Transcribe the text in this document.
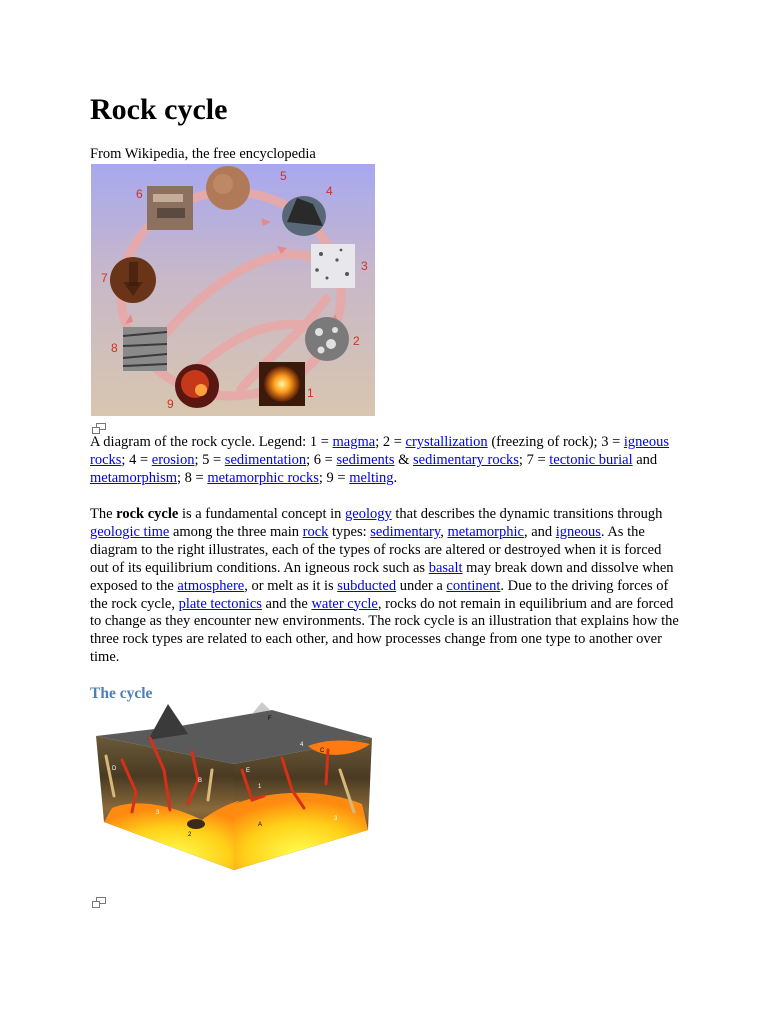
Rock cycle
From Wikipedia, the free encyclopedia
5
4
6
3
7
2
8
1
9
A diagram of the rock cycle. Legend: 1 = magma; 2 = crystallization (freezing of rock); 3 = igneous rocks; 4 = erosion; 5 = sedimentation; 6 = sediments & sedimentary rocks; 7 = tectonic burial and metamorphism; 8 = metamorphic rocks; 9 = melting.
The rock cycle is a fundamental concept in geology that describes the dynamic transitions through geologic time among the three main rock types: sedimentary, metamorphic, and igneous. As the diagram to the right illustrates, each of the types of rocks are altered or destroyed when it is forced out of its equilibrium conditions. An igneous rock such as basalt may break down and dissolve when exposed to the atmosphere, or melt as it is subducted under a continent. Due to the driving forces of the rock cycle, plate tectonics and the water cycle, rocks do not remain in equilibrium and are forced to change as they encounter new environments. The rock cycle is an illustration that explains how the three rock types are related to each other, and how processes change from one type to another over time.
The cycle
F
4
C
D
B
E
1
3
A
2
3
